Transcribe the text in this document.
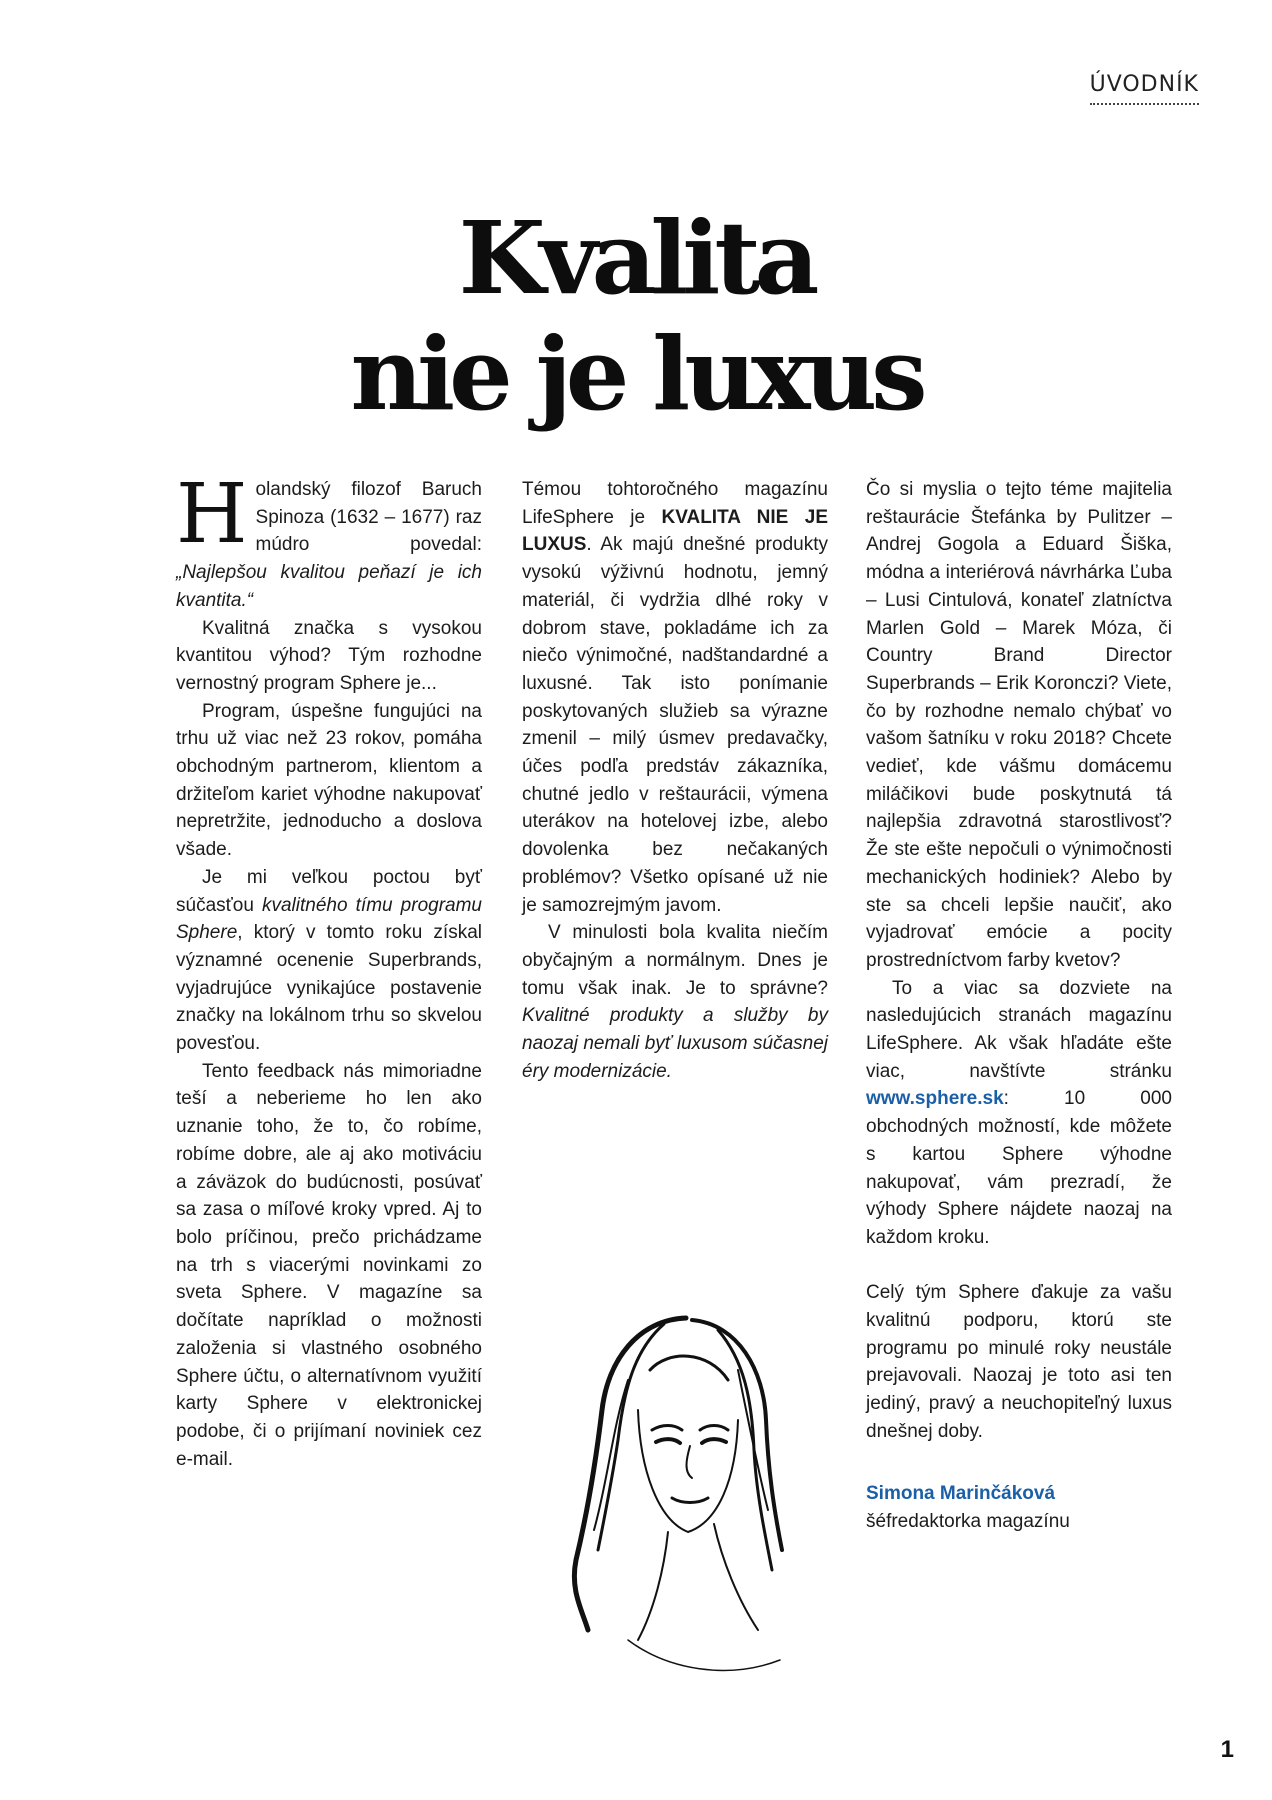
ÚVODNÍK
Kvalita
nie je luxus

Holandský filozof Baruch Spinoza (1632 – 1677) raz múdro povedal: „Najlepšou kvalitou peňazí je ich kvantita.“

Kvalitná značka s vysokou kvantitou výhod? Tým rozhodne vernostný program Sphere je...

Program, úspešne fungujúci na trhu už viac než 23 rokov, pomáha obchodným partnerom, klientom a držiteľom kariet výhodne nakupovať nepretržite, jednoducho a doslova všade.

Je mi veľkou poctou byť súčasťou kvalitného tímu programu Sphere, ktorý v tomto roku získal významné ocenenie Superbrands, vyjadrujúce vynikajúce postavenie značky na lokálnom trhu so skvelou povesťou.

Tento feedback nás mimoriadne teší a neberieme ho len ako uznanie toho, že to, čo robíme, robíme dobre, ale aj ako motiváciu a záväzok do budúcnosti, posúvať sa zasa o míľové kroky vpred. Aj to bolo príčinou, prečo prichádzame na trh s viacerými novinkami zo sveta Sphere. V magazíne sa dočítate napríklad o možnosti založenia si vlastného osobného Sphere účtu, o alternatívnom využití karty Sphere v elektronickej podobe, či o prijímaní noviniek cez e-mail.

Témou tohtoročného magazínu LifeSphere je KVALITA NIE JE LUXUS. Ak majú dnešné produkty vysokú výživnú hodnotu, jemný materiál, či vydržia dlhé roky v dobrom stave, pokladáme ich za niečo výnimočné, nadštandardné a luxusné. Tak isto ponímanie poskytovaných služieb sa výrazne zmenil – milý úsmev predavačky, účes podľa predstáv zákazníka, chutné jedlo v reštaurácii, výmena uterákov na hotelovej izbe, alebo dovolenka bez nečakaných problémov? Všetko opísané už nie je samozrejmým javom.

V minulosti bola kvalita niečím obyčajným a normálnym. Dnes je tomu však inak. Je to správne? Kvalitné produkty a služby by naozaj nemali byť luxusom súčasnej éry modernizácie.

Čo si myslia o tejto téme majitelia reštaurácie Štefánka by Pulitzer – Andrej Gogola a Eduard Šiška, módna a interiérová návrhárka Ľuba – Lusi Cintulová, konateľ zlatníctva Marlen Gold – Marek Móza, či Country Brand Director Superbrands – Erik Koronczi? Viete, čo by rozhodne nemalo chýbať vo vašom šatníku v roku 2018? Chcete vedieť, kde vášmu domácemu miláčikovi bude poskytnutá tá najlepšia zdravotná starostlivosť? Že ste ešte nepočuli o výnimočnosti mechanických hodiniek? Alebo by ste sa chceli lepšie naučiť, ako vyjadrovať emócie a pocity prostredníctvom farby kvetov?

To a viac sa dozviete na nasledujúcich stranách magazínu LifeSphere. Ak však hľadáte ešte viac, navštívte stránku www.sphere.sk: 10 000 obchodných možností, kde môžete s kartou Sphere výhodne nakupovať, vám prezradí, že výhody Sphere nájdete naozaj na každom kroku.

Celý tým Sphere ďakuje za vašu kvalitnú podporu, ktorú ste programu po minulé roky neustále prejavovali. Naozaj je toto asi ten jediný, pravý a neuchopiteľný luxus dnešnej doby.

Simona Marinčáková
šéfredaktorka magazínu
1
